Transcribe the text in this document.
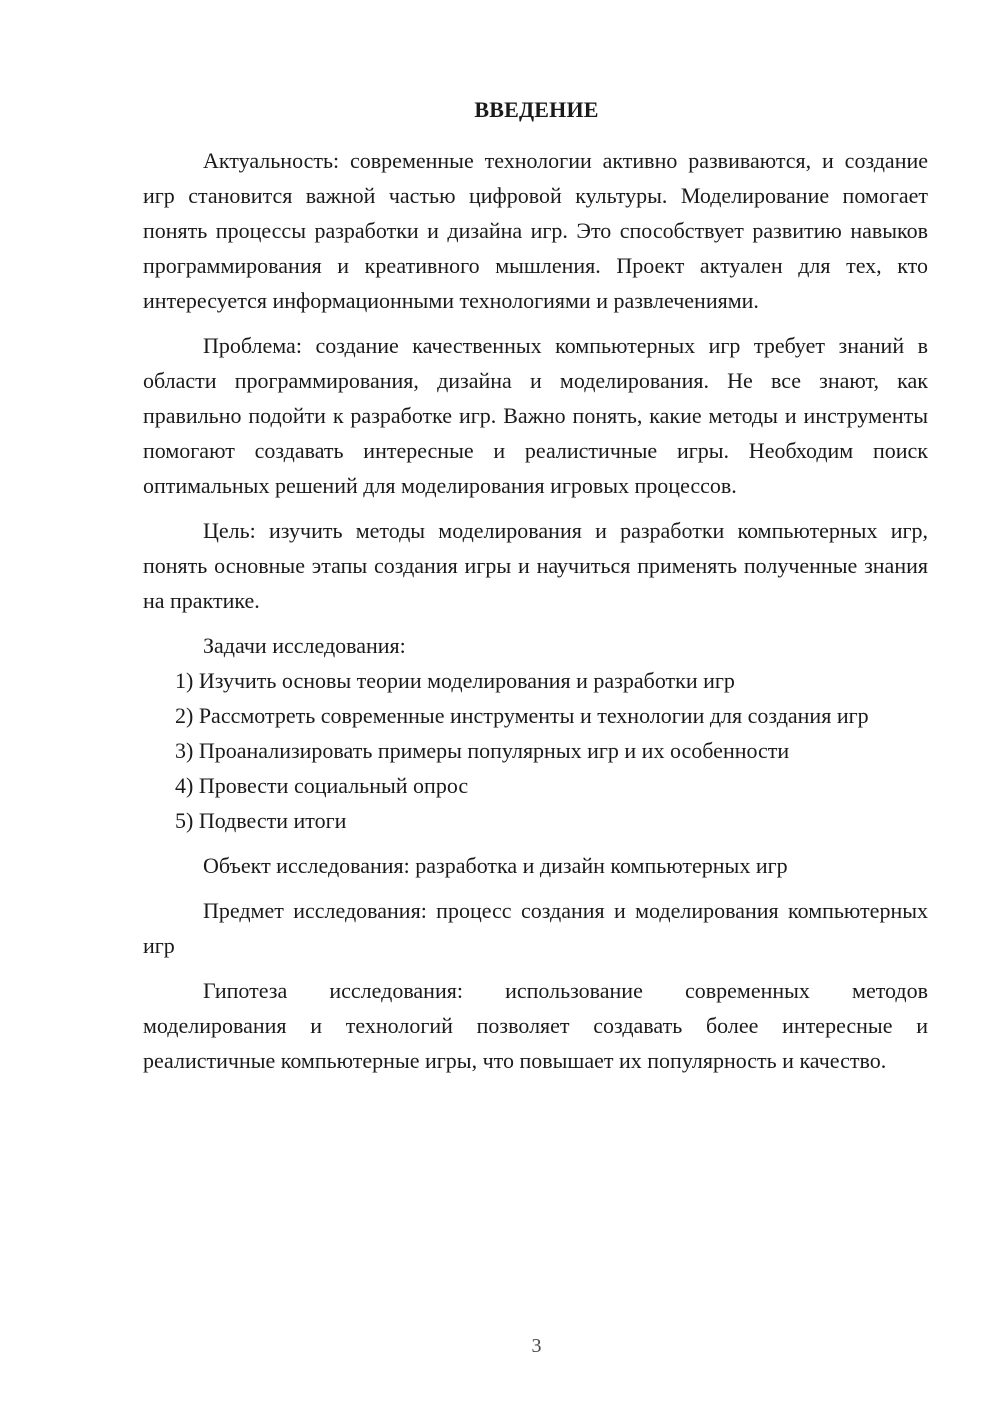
ВВЕДЕНИЕ

Актуальность: современные технологии активно развиваются, и создание игр становится важной частью цифровой культуры. Моделирование помогает понять процессы разработки и дизайна игр. Это способствует развитию навыков программирования и креативного мышления. Проект актуален для тех, кто интересуется информационными технологиями и развлечениями.

Проблема: создание качественных компьютерных игр требует знаний в области программирования, дизайна и моделирования. Не все знают, как правильно подойти к разработке игр. Важно понять, какие методы и инструменты помогают создавать интересные и реалистичные игры. Необходим поиск оптимальных решений для моделирования игровых процессов.

Цель: изучить методы моделирования и разработки компьютерных игр, понять основные этапы создания игры и научиться применять полученные знания на практике.

Задачи исследования:

1) Изучить основы теории моделирования и разработки игр

2) Рассмотреть современные инструменты и технологии для создания игр

3) Проанализировать примеры популярных игр и их особенности

4) Провести социальный опрос

5) Подвести итоги

Объект исследования: разработка и дизайн компьютерных игр

Предмет исследования: процесс создания и моделирования компьютерных игр

Гипотеза исследования: использование современных методов моделирования и технологий позволяет создавать более интересные и реалистичные компьютерные игры, что повышает их популярность и качество.

3
